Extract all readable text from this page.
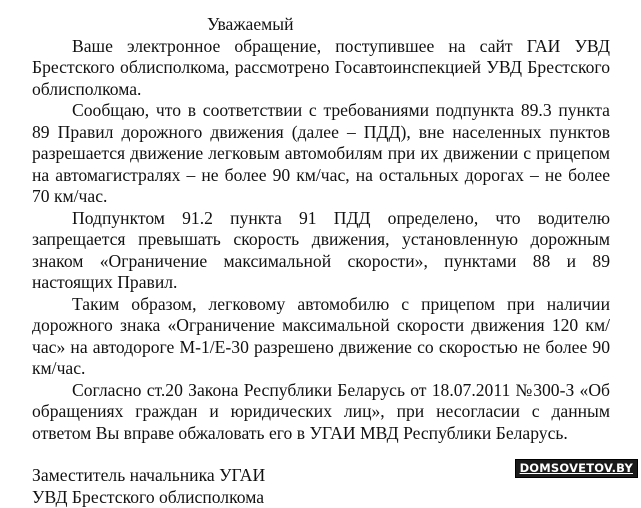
Уважаемый

Ваше электронное обращение, поступившее на сайт ГАИ УВД Брестского облисполкома, рассмотрено Госавтоинспекцией УВД Брестского облисполкома.

Сообщаю, что в соответствии с требованиями подпункта 89.3 пункта 89 Правил дорожного движения (далее – ПДД), вне населенных пунктов разрешается движение легковым автомобилям при их движении с прицепом на автомагистралях – не более 90 км/час, на остальных дорогах – не более 70 км/час.

Подпунктом 91.2 пункта 91 ПДД определено, что водителю запрещается превышать скорость движения, установленную дорожным знаком «Ограничение максимальной скорости», пунктами 88 и 89 настоящих Правил.

Таким образом, легковому автомобилю с прицепом при наличии дорожного знака «Ограничение максимальной скорости движения 120 км/час» на автодороге М-1/Е-30 разрешено движение со скоростью не более 90 км/час.

Согласно ст.20 Закона Республики Беларусь от 18.07.2011 №300-З «Об обращениях граждан и юридических лиц», при несогласии с данным ответом Вы вправе обжаловать его в УГАИ МВД Республики Беларусь.

Заместитель начальника УГАИ
УВД Брестского облисполкома
DOMSOVETOV.BY
